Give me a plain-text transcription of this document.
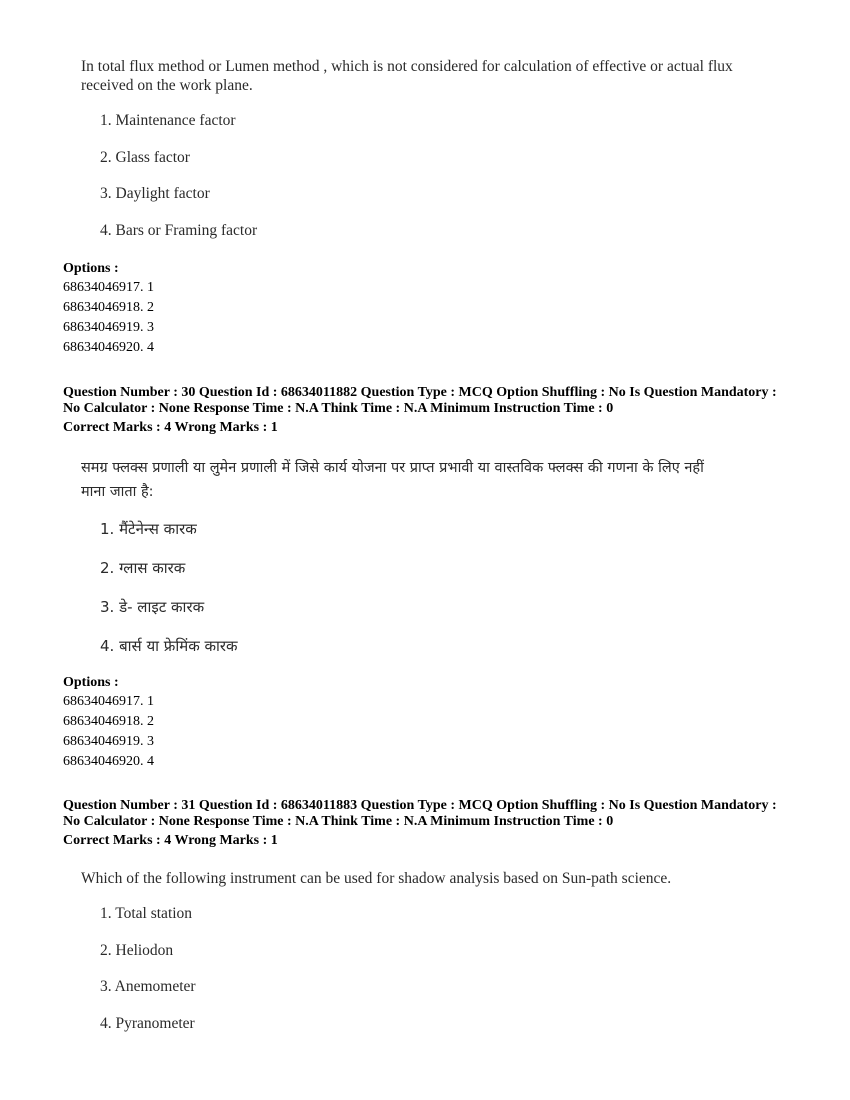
In total flux method or Lumen method , which is not considered for calculation of effective or actual flux
received on the work plane.
1. Maintenance factor
2. Glass factor
3. Daylight factor
4. Bars or Framing factor
Options :
68634046917. 1
68634046918. 2
68634046919. 3
68634046920. 4
Question Number : 30 Question Id : 68634011882 Question Type : MCQ Option Shuffling : No Is Question Mandatory :
No Calculator : None Response Time : N.A Think Time : N.A Minimum Instruction Time : 0
Correct Marks : 4 Wrong Marks : 1
समग्र फ्लक्स प्रणाली या लुमेन प्रणाली में जिसे कार्य योजना पर प्राप्त प्रभावी या वास्तविक फ्लक्स की गणना के लिए नहीं
माना जाता है:
1. मैंटेनेन्स कारक
2. ग्लास कारक
3. डे- लाइट कारक
4. बार्स या फ्रेमिंक कारक
Options :
68634046917. 1
68634046918. 2
68634046919. 3
68634046920. 4
Question Number : 31 Question Id : 68634011883 Question Type : MCQ Option Shuffling : No Is Question Mandatory :
No Calculator : None Response Time : N.A Think Time : N.A Minimum Instruction Time : 0
Correct Marks : 4 Wrong Marks : 1
Which of the following instrument can be used for shadow analysis based on Sun-path science.
1. Total station
2. Heliodon
3. Anemometer
4. Pyranometer
